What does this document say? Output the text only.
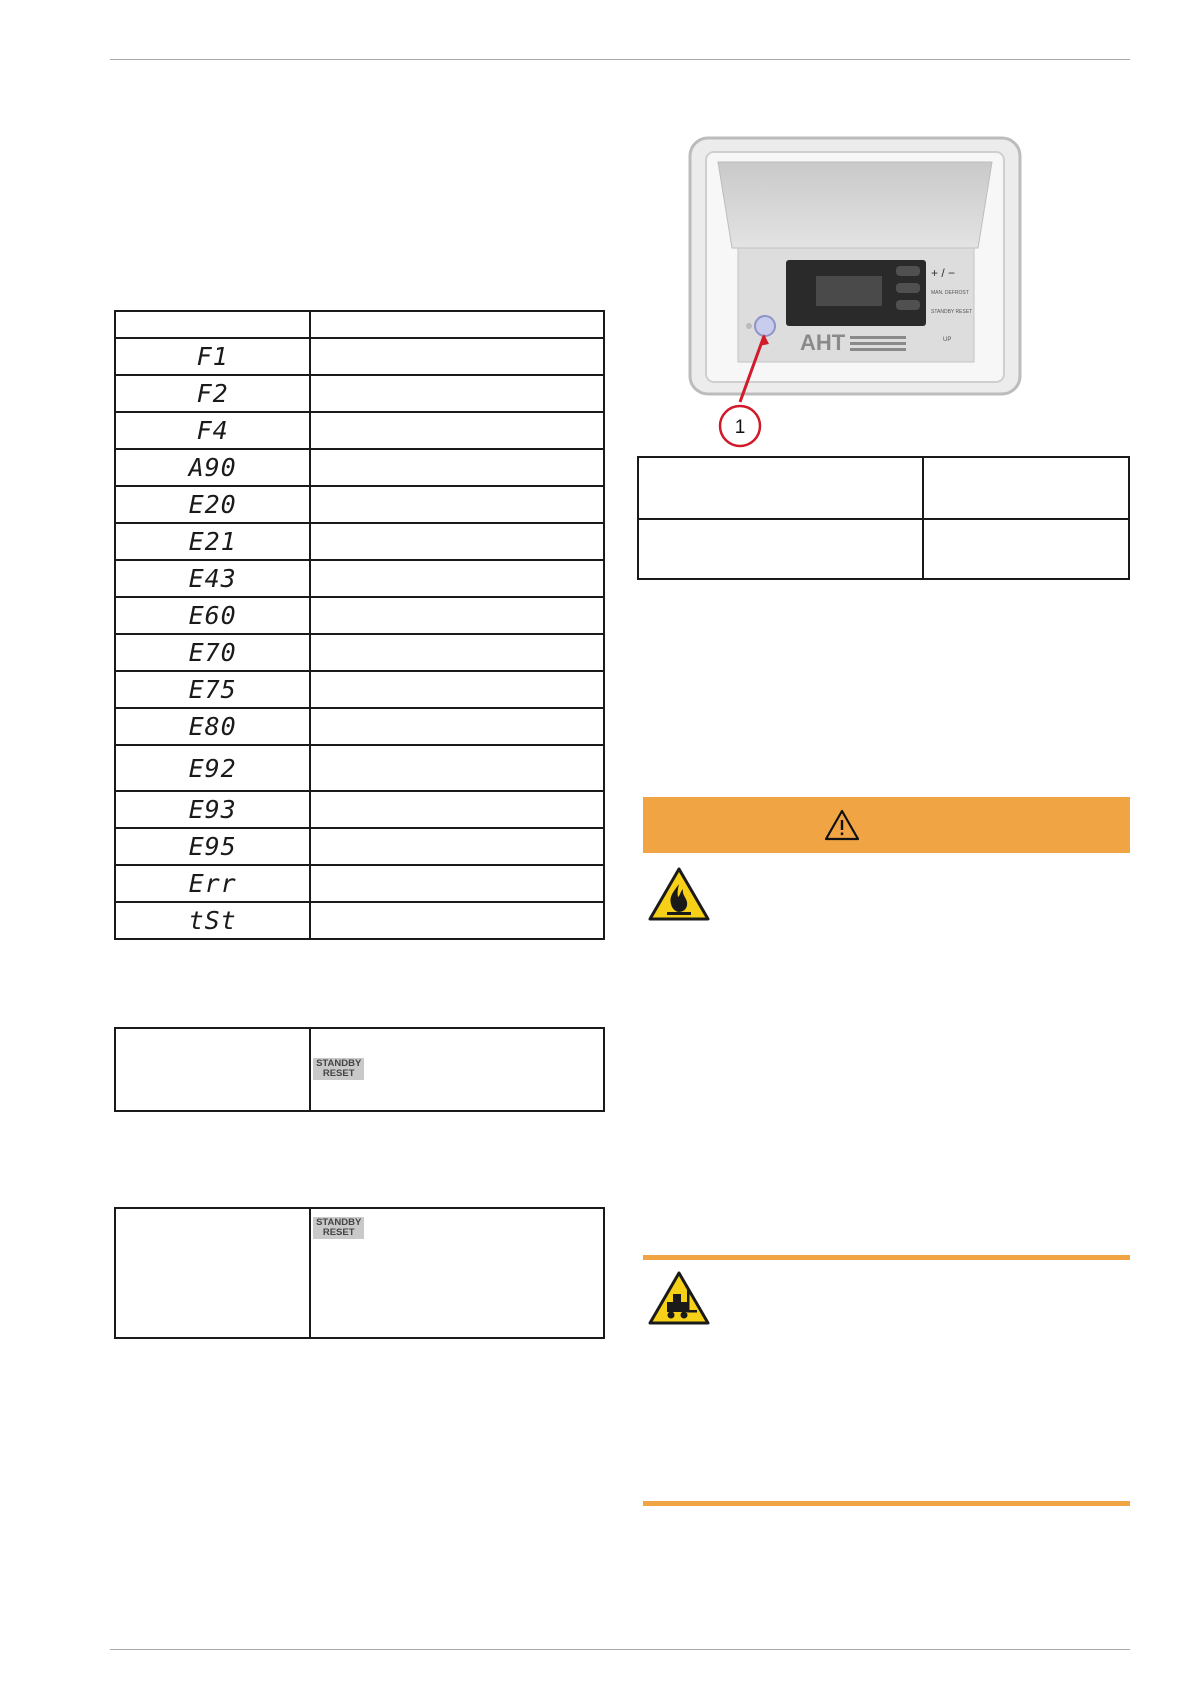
F1	
F2	
F4	
A90	
E20	
E21	
E43	
E60	
E70	
E75	
E80	
E92	
E93	
E95	
Err	
tSt	
	STANDBY
RESET
	STANDBY
RESET
+ / −
MAN. DEFROST
STANDBY RESET
UP
AHT
1
